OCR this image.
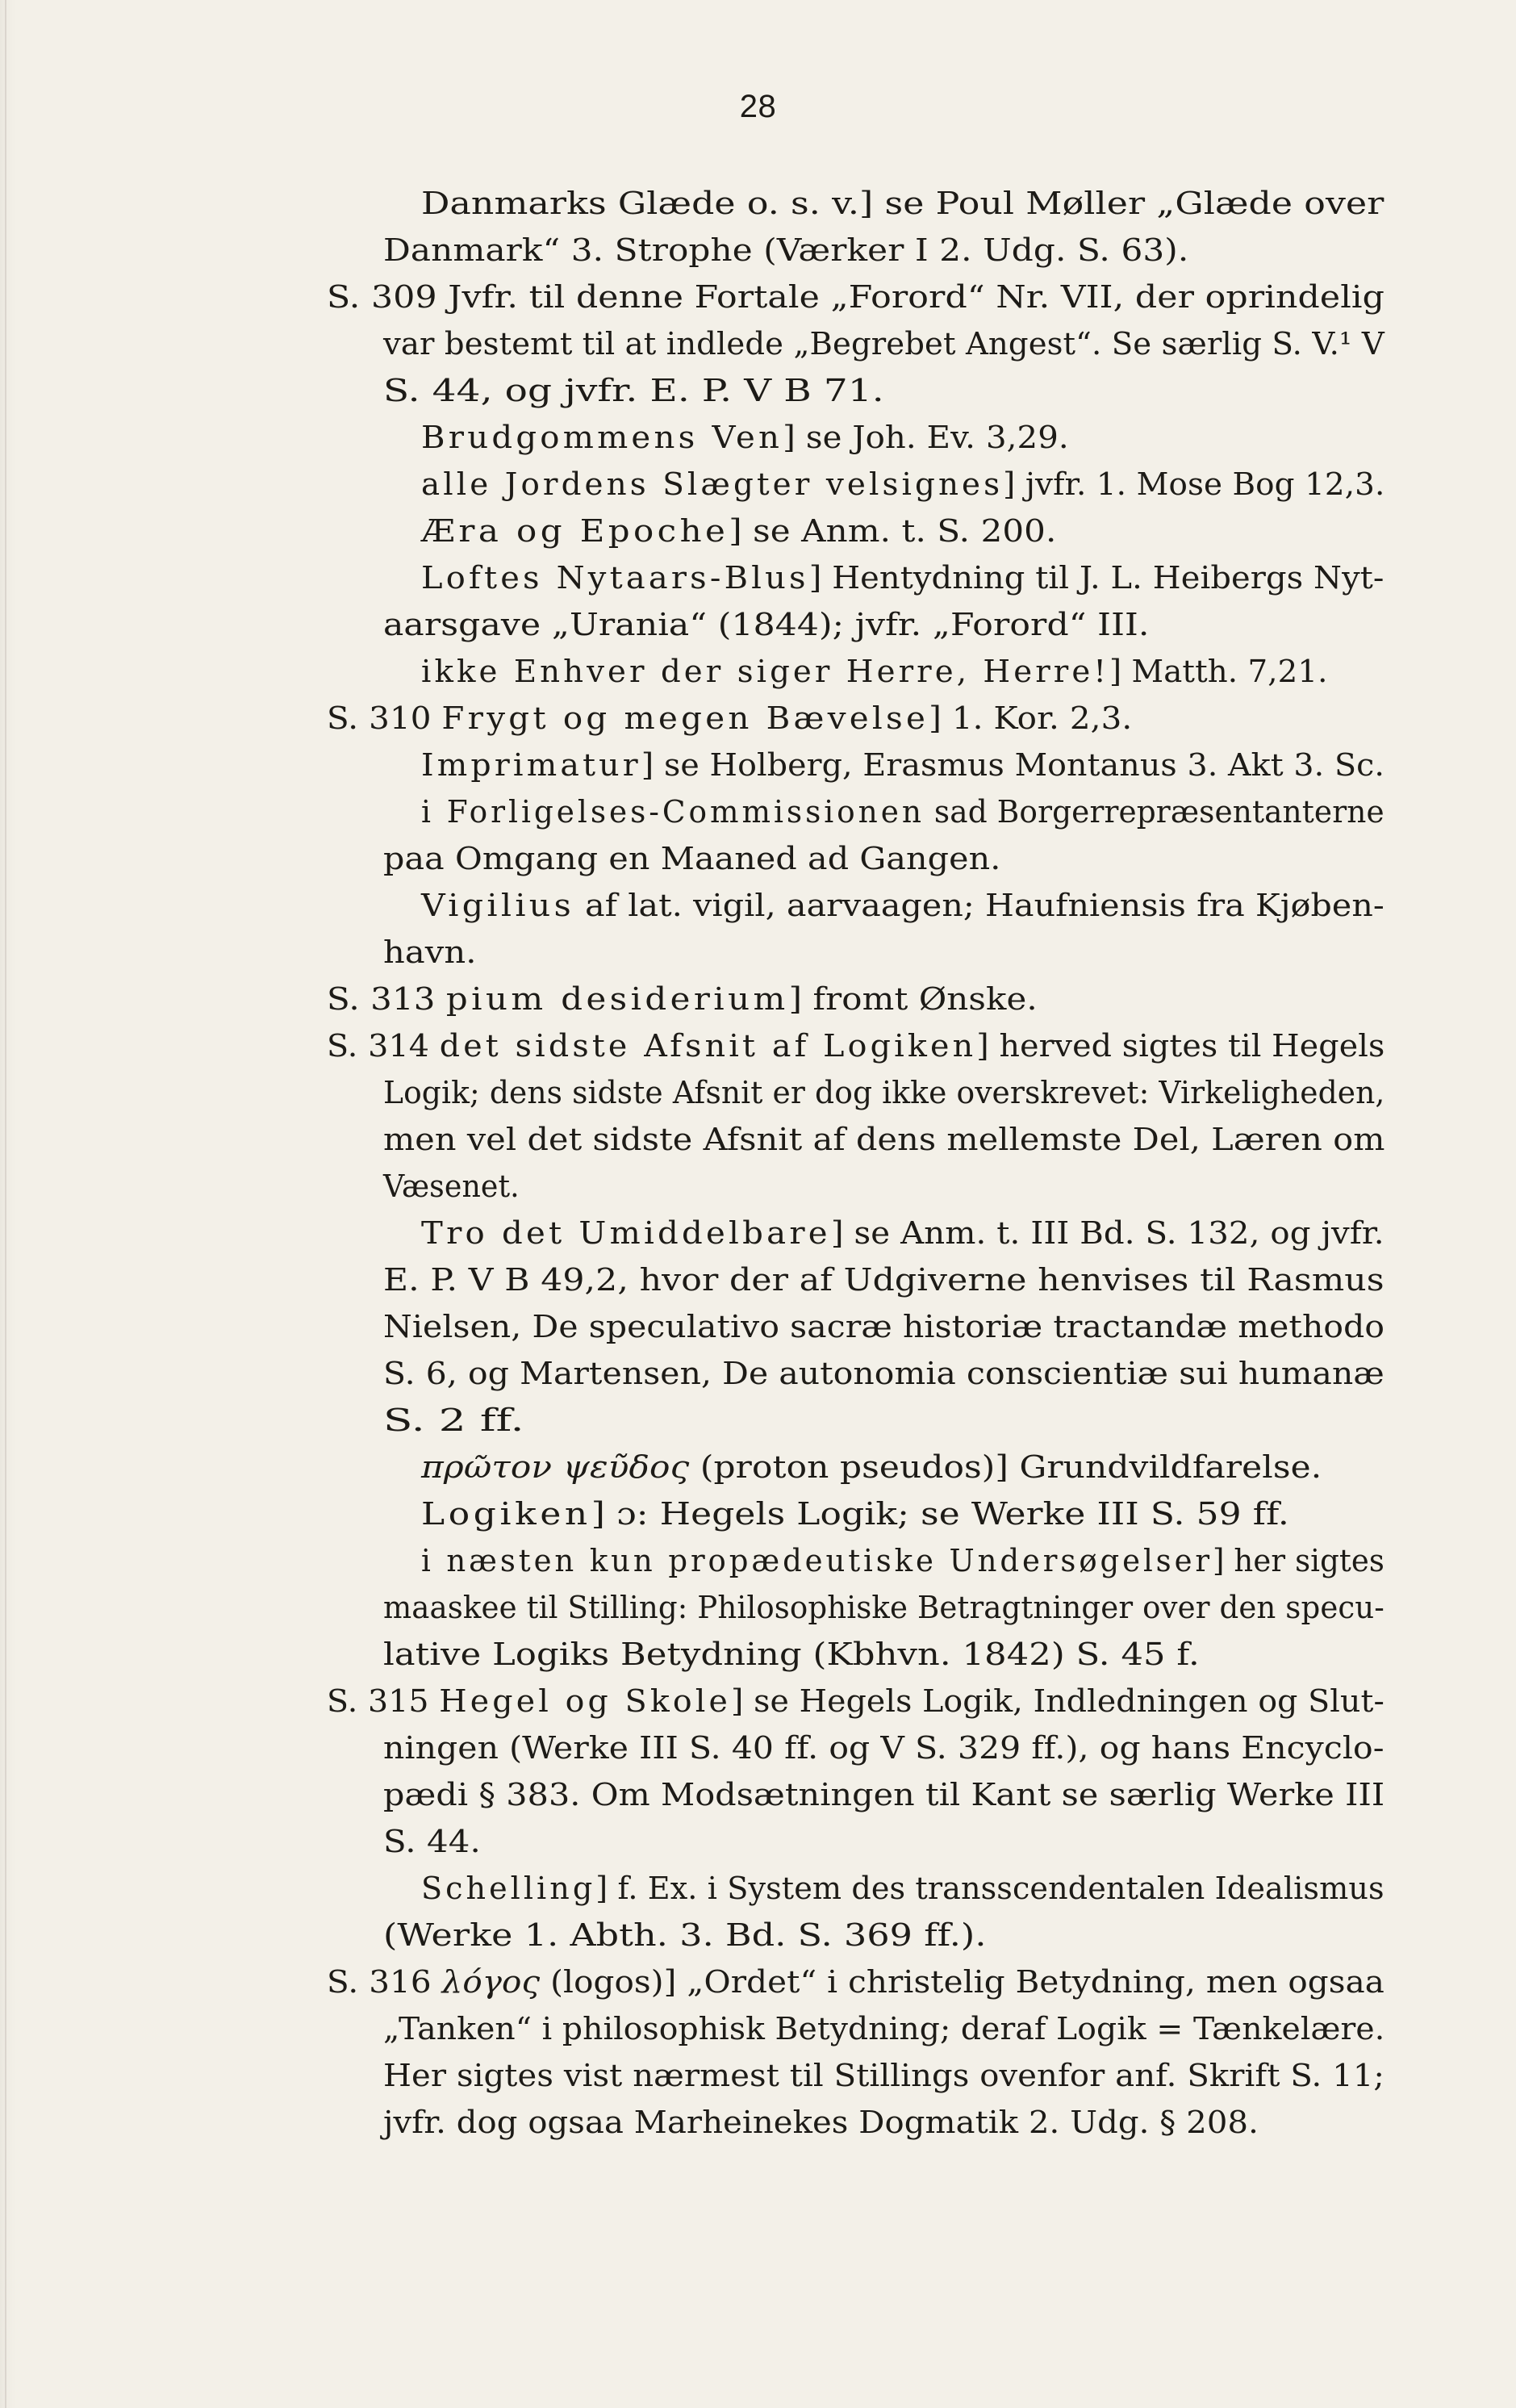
28

Danmarks Glæde o. s. v.] se Poul Møller „Glæde over

Danmark“ 3. Strophe (Værker I 2. Udg. S. 63).

S. 309 Jvfr. til denne Fortale „Forord“ Nr. VII, der oprindelig

var bestemt til at indlede „Begrebet Angest“. Se særlig S. V.¹ V

S. 44, og jvfr. E. P. V B 71.

Brudgommens Ven] se Joh. Ev. 3,29.

alle Jordens Slægter velsignes] jvfr. 1. Mose Bog 12,3.

Æra og Epoche] se Anm. t. S. 200.

Loftes Nytaars-Blus] Hentydning til J. L. Heibergs Nyt-

aarsgave „Urania“ (1844); jvfr. „Forord“ III.

ikke Enhver der siger Herre, Herre!] Matth. 7,21.

S. 310 Frygt og megen Bævelse] 1. Kor. 2,3.

Imprimatur] se Holberg, Erasmus Montanus 3. Akt 3. Sc.

i Forligelses-Commissionen sad Borgerrepræsentanterne

paa Omgang en Maaned ad Gangen.

Vigilius af lat. vigil, aarvaagen; Haufniensis fra Kjøben-

havn.

S. 313 pium desiderium] fromt Ønske.

S. 314 det sidste Afsnit af Logiken] herved sigtes til Hegels

Logik; dens sidste Afsnit er dog ikke overskrevet: Virkeligheden,

men vel det sidste Afsnit af dens mellemste Del, Læren om

Væsenet.

Tro det Umiddelbare] se Anm. t. III Bd. S. 132, og jvfr.

E. P. V B 49,2, hvor der af Udgiverne henvises til Rasmus

Nielsen, De speculativo sacræ historiæ tractandæ methodo

S. 6, og Martensen, De autonomia conscientiæ sui humanæ

S. 2 ff.

πρῶτον ψεῦδος (proton pseudos)] Grundvildfarelse.

Logiken] ɔ: Hegels Logik; se Werke III S. 59 ff.

i næsten kun propædeutiske Undersøgelser] her sigtes

maaskee til Stilling: Philosophiske Betragtninger over den specu-

lative Logiks Betydning (Kbhvn. 1842) S. 45 f.

S. 315 Hegel og Skole] se Hegels Logik, Indledningen og Slut-

ningen (Werke III S. 40 ff. og V S. 329 ff.), og hans Encyclo-

pædi § 383. Om Modsætningen til Kant se særlig Werke III

S. 44.

Schelling] f. Ex. i System des transscendentalen Idealismus

(Werke 1. Abth. 3. Bd. S. 369 ff.).

S. 316 λόγος (logos)] „Ordet“ i christelig Betydning, men ogsaa

„Tanken“ i philosophisk Betydning; deraf Logik = Tænkelære.

Her sigtes vist nærmest til Stillings ovenfor anf. Skrift S. 11;

jvfr. dog ogsaa Marheinekes Dogmatik 2. Udg. § 208.
